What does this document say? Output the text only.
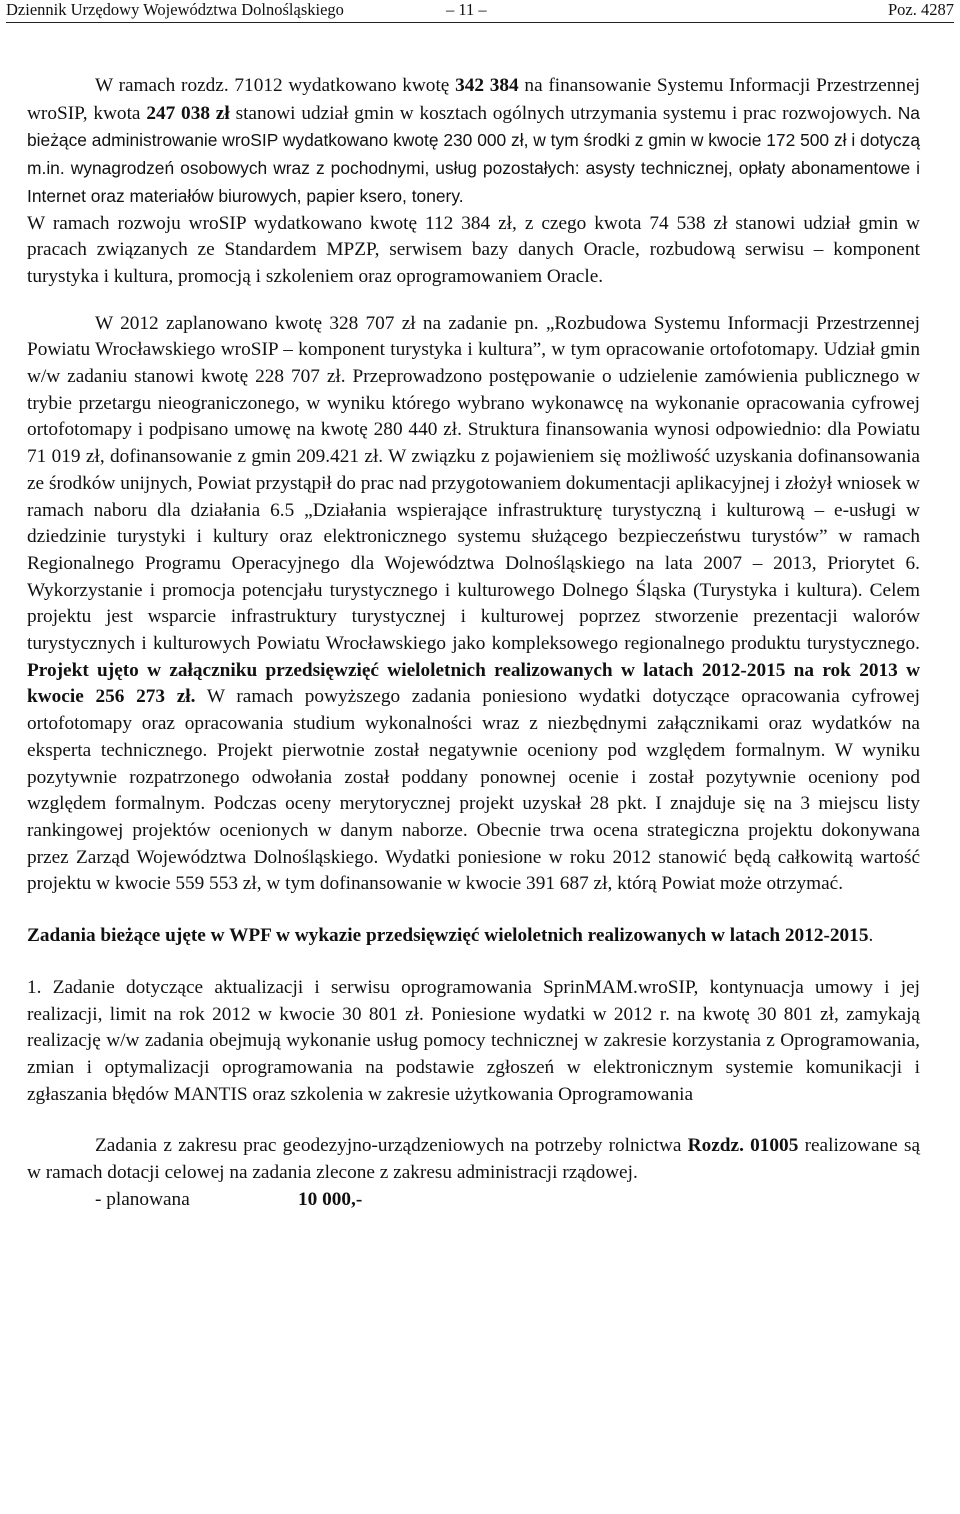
Dziennik Urzędowy Województwa Dolnośląskiego	– 11 –	Poz. 4287

W ramach rozdz. 71012 wydatkowano kwotę 342 384 na finansowanie Systemu Informacji Przestrzennej wroSIP, kwota 247 038 zł stanowi udział gmin w kosztach ogólnych utrzymania systemu i prac rozwojowych. Na bieżące administrowanie wroSIP wydatkowano kwotę 230 000 zł, w tym środki z gmin w kwocie 172 500 zł i dotyczą m.in. wynagrodzeń osobowych wraz z pochodnymi, usług pozostałych: asysty technicznej, opłaty abonamentowe i Internet oraz materiałów biurowych, papier ksero, tonery.

W ramach rozwoju wroSIP wydatkowano kwotę 112 384 zł, z czego kwota 74 538 zł stanowi udział gmin w pracach związanych ze Standardem MPZP, serwisem bazy danych Oracle, rozbudową serwisu – komponent turystyka i kultura, promocją i szkoleniem oraz oprogramowaniem Oracle.

W 2012 zaplanowano kwotę 328 707 zł na zadanie pn. „Rozbudowa Systemu Informacji Przestrzennej Powiatu Wrocławskiego wroSIP – komponent turystyka i kultura”, w tym opracowanie ortofotomapy. Udział gmin w/w zadaniu stanowi kwotę 228 707 zł. Przeprowadzono postępowanie o udzielenie zamówienia publicznego w trybie przetargu nieograniczonego, w wyniku którego wybrano wykonawcę na wykonanie opracowania cyfrowej ortofotomapy i podpisano umowę na kwotę 280 440 zł. Struktura finansowania wynosi odpowiednio: dla Powiatu 71 019 zł, dofinansowanie z gmin 209.421 zł. W związku z pojawieniem się możliwość uzyskania dofinansowania ze środków unijnych, Powiat przystąpił do prac nad przygotowaniem dokumentacji aplikacyjnej i złożył wniosek w ramach naboru dla działania 6.5 „Działania wspierające infrastrukturę turystyczną i kulturową – e-usługi w dziedzinie turystyki i kultury oraz elektronicznego systemu służącego bezpieczeństwu turystów” w ramach Regionalnego Programu Operacyjnego dla Województwa Dolnośląskiego na lata 2007 – 2013, Priorytet 6. Wykorzystanie i promocja potencjału turystycznego i kulturowego Dolnego Śląska (Turystyka i kultura). Celem projektu jest wsparcie infrastruktury turystycznej i kulturowej poprzez stworzenie prezentacji walorów turystycznych i kulturowych Powiatu Wrocławskiego jako kompleksowego regionalnego produktu turystycznego. Projekt ujęto w załączniku przedsięwzięć wieloletnich realizowanych w latach 2012-2015 na rok 2013 w kwocie 256 273 zł. W ramach powyższego zadania poniesiono wydatki dotyczące opracowania cyfrowej ortofotomapy oraz opracowania studium wykonalności wraz z niezbędnymi załącznikami oraz wydatków na eksperta technicznego. Projekt pierwotnie został negatywnie oceniony pod względem formalnym. W wyniku pozytywnie rozpatrzonego odwołania został poddany ponownej ocenie i został pozytywnie oceniony pod względem formalnym. Podczas oceny merytorycznej projekt uzyskał 28 pkt. I znajduje się na 3 miejscu listy rankingowej projektów ocenionych w danym naborze. Obecnie trwa ocena strategiczna projektu dokonywana przez Zarząd Województwa Dolnośląskiego. Wydatki poniesione w roku 2012 stanowić będą całkowitą wartość projektu w kwocie 559 553 zł, w tym dofinansowanie w kwocie 391 687 zł, którą Powiat może otrzymać.

Zadania bieżące ujęte w WPF w wykazie przedsięwzięć wieloletnich realizowanych w latach 2012-2015.

1. Zadanie dotyczące aktualizacji i serwisu oprogramowania SprinMAM.wroSIP, kontynuacja umowy i jej realizacji, limit na rok 2012 w kwocie 30 801 zł. Poniesione wydatki w 2012 r. na kwotę 30 801 zł, zamykają realizację w/w zadania obejmują wykonanie usług pomocy technicznej w zakresie korzystania z Oprogramowania, zmian i optymalizacji oprogramowania na podstawie zgłoszeń w elektronicznym systemie komunikacji i zgłaszania błędów MANTIS oraz szkolenia w zakresie użytkowania Oprogramowania

Zadania z zakresu prac geodezyjno-urządzeniowych na potrzeby rolnictwa Rozdz. 01005 realizowane są w ramach dotacji celowej na zadania zlecone z zakresu administracji rządowej.

- planowana	10 000,-
